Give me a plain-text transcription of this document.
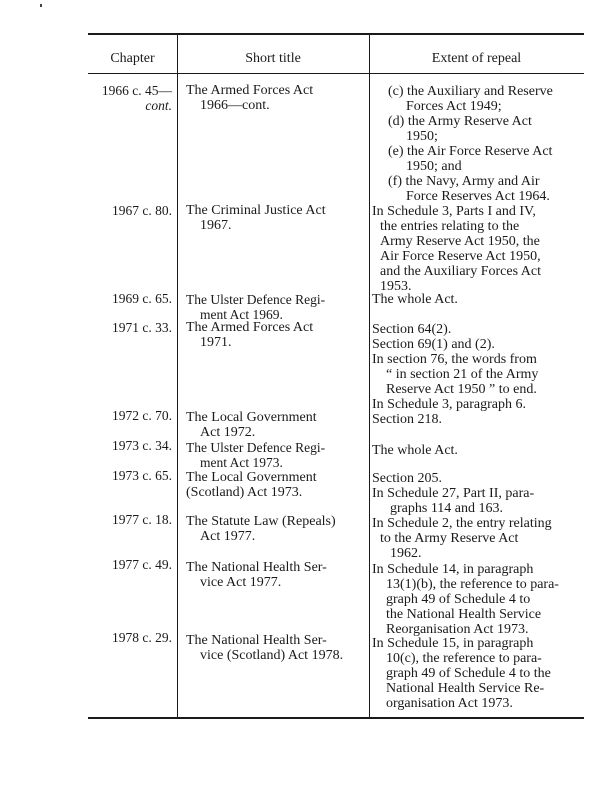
Chapter	Short title	Extent of repeal
1966 c. 45—
cont.
The Armed Forces Act
1966—cont.
(c) the Auxiliary and Reserve
Forces Act 1949;
(d) the Army Reserve Act
1950;
(e) the Air Force Reserve Act
1950; and
(f) the Navy, Army and Air
Force Reserves Act 1964.
1967 c. 80. The Criminal Justice Act
1967.
In Schedule 3, Parts I and IV,
the entries relating to the
Army Reserve Act 1950, the
Air Force Reserve Act 1950,
and the Auxiliary Forces Act
1953.
1969 c. 65. The Ulster Defence Regi-
ment Act 1969.
The whole Act.
1971 c. 33. The Armed Forces Act
1971.
Section 64(2).
Section 69(1) and (2).
In section 76, the words from
“ in section 21 of the Army
Reserve Act 1950 ” to end.
In Schedule 3, paragraph 6.
1972 c. 70. The Local Government
Act 1972.
Section 218.
1973 c. 34. The Ulster Defence Regi-
ment Act 1973.
The whole Act.
1973 c. 65. The Local Government
(Scotland) Act 1973.
Section 205.
In Schedule 27, Part II, para-
graphs 114 and 163.
1977 c. 18. The Statute Law (Repeals)
Act 1977.
In Schedule 2, the entry relating
to the Army Reserve Act
1962.
1977 c. 49. The National Health Ser-
vice Act 1977.
In Schedule 14, in paragraph
13(1)(b), the reference to para-
graph 49 of Schedule 4 to
the National Health Service
Reorganisation Act 1973.
1978 c. 29. The National Health Ser-
vice (Scotland) Act 1978.
In Schedule 15, in paragraph
10(c), the reference to para-
graph 49 of Schedule 4 to the
National Health Service Re-
organisation Act 1973.
